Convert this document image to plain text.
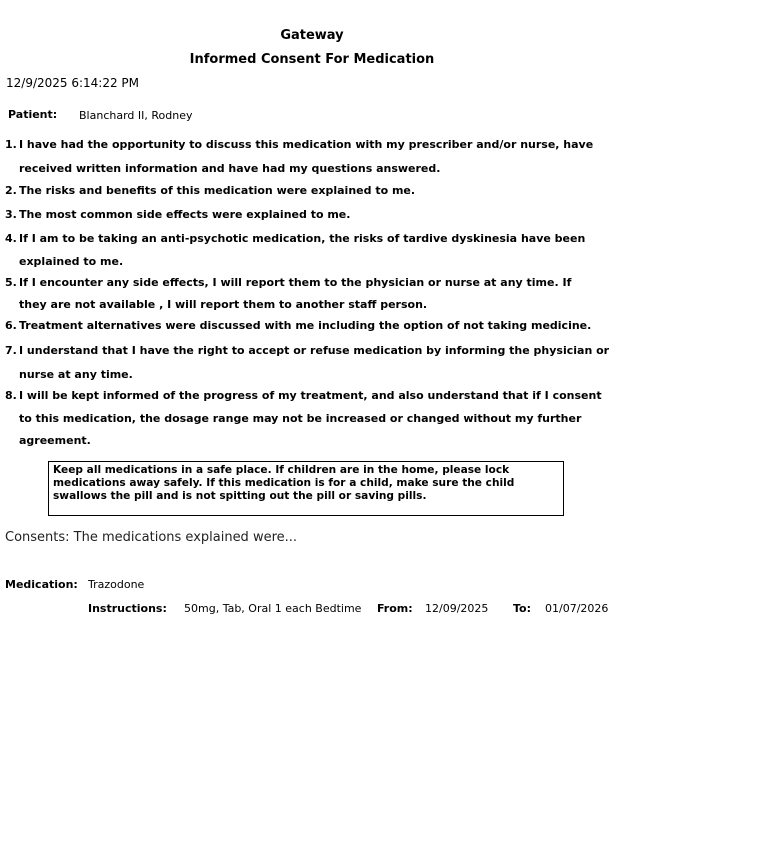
Gateway
Informed Consent For Medication
12/9/2025 6:14:22 PM
Patient: Blanchard II, Rodney
1. I have had the opportunity to discuss this medication with my prescriber and/or nurse, have
received written information and have had my questions answered.
2. The risks and benefits of this medication were explained to me.
3. The most common side effects were explained to me.
4. If I am to be taking an anti-psychotic medication, the risks of tardive dyskinesia have been
explained to me.
5. If I encounter any side effects, I will report them to the physician or nurse at any time. If
they are not available , I will report them to another staff person.
6. Treatment alternatives were discussed with me including the option of not taking medicine.
7. I understand that I have the right to accept or refuse medication by informing the physician or
nurse at any time.
8. I will be kept informed of the progress of my treatment, and also understand that if I consent
to this medication, the dosage range may not be increased or changed without my further
agreement.
Keep all medications in a safe place. If children are in the home, please lock
medications away safely. If this medication is for a child, make sure the child
swallows the pill and is not spitting out the pill or saving pills.
Consents: The medications explained were...
Medication: Trazodone
Instructions: 50mg, Tab, Oral 1 each Bedtime From: 12/09/2025 To: 01/07/2026
